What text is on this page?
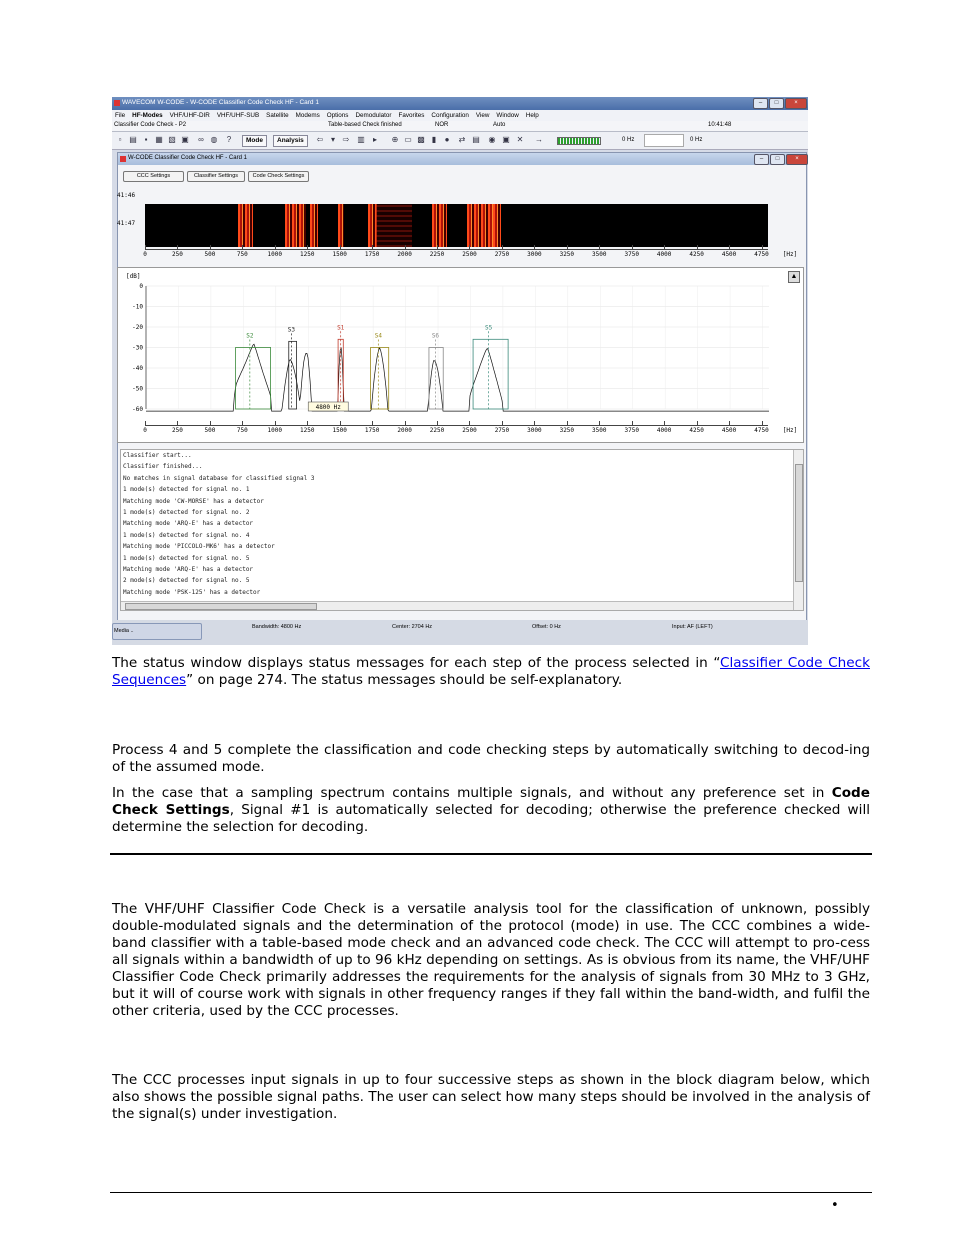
WAVECOM W-CODE - W-CODE Classifier Code Check HF - Card 1	–	□	×
File HF-Modes VHF/UHF-DIR VHF/UHF-SUB Satellite Modems Options Demodulator Favorites Configuration View Window Help
Classifier Code Check - P2	Table-based Check finished	NOR	Auto	10:41:48
▫ ▤ ▪ ▦ ▧ ▣ ∞ ◍	?	Mode	Analysis	⇦ ▾ ⇨ ▥	▸	⊕ ▭ ▩ ▮	●	⇄ ▤ ◉ ▣ ✕ →	0 Hz	0 Hz
W-CODE Classifier Code Check HF - Card 1	–	□	×
CCC Settings	Classifier Settings	Code Check Settings
41:46
41:47
[dB]	▲
0
-10
-20
-30
-40
-50
-60
S2
S3	S1
S4	S6
S5
4800 Hz
Classifier start...
Classifier finished...
No matches in signal database for classified signal 3
1 mode(s) detected for signal no. 1
Matching mode 'CW-MORSE' has a detector
1 mode(s) detected for signal no. 2
Matching mode 'ARQ-E' has a detector
1 mode(s) detected for signal no. 4
Matching mode 'PICCOLO-MK6' has a detector
1 mode(s) detected for signal no. 5
Matching mode 'ARQ-E' has a detector
2 mode(s) detected for signal no. 5
Matching mode 'PSK-125' has a detector
Media ..
Bandwidth: 4800 Hz	Center: 2704 Hz	Offset: 0 Hz	Input: AF (LEFT)
0	250	500	750	1000	1250	1500	1750	2000	2250	2500	2750	3000	3250	3500	3750	4000	4250	4500	4750 [Hz]
0	250	500	750	1000	1250	1500	1750	2000	2250	2500	2750	3000	3250	3500	3750	4000	4250	4500	4750 [Hz]
The status window displays status messages for each step of the process selected in “Classifier Code Check Sequences” on page 274. The status messages should be self-explanatory.
Process 4 and 5 complete the classification and code checking steps by automatically switching to decod-ing of the assumed mode.
In the case that a sampling spectrum contains multiple signals, and without any preference set in Code Check Settings, Signal #1 is automatically selected for decoding; otherwise the preference checked will determine the selection for decoding.
The VHF/UHF Classifier Code Check is a versatile analysis tool for the classification of unknown, possibly double-modulated signals and the determination of the protocol (mode) in use. The CCC combines a wide-band classifier with a table-based mode check and an advanced code check. The CCC will attempt to pro-cess all signals within a bandwidth of up to 96 kHz depending on settings. As is obvious from its name, the VHF/UHF Classifier Code Check primarily addresses the requirements for the analysis of signals from 30 MHz to 3 GHz, but it will of course work with signals in other frequency ranges if they fall within the band-width, and fulfil the other criteria, used by the CCC processes.
The CCC processes input signals in up to four successive steps as shown in the block diagram below, which also shows the possible signal paths. The user can select how many steps should be involved in the analysis of the signal(s) under investigation.
•
